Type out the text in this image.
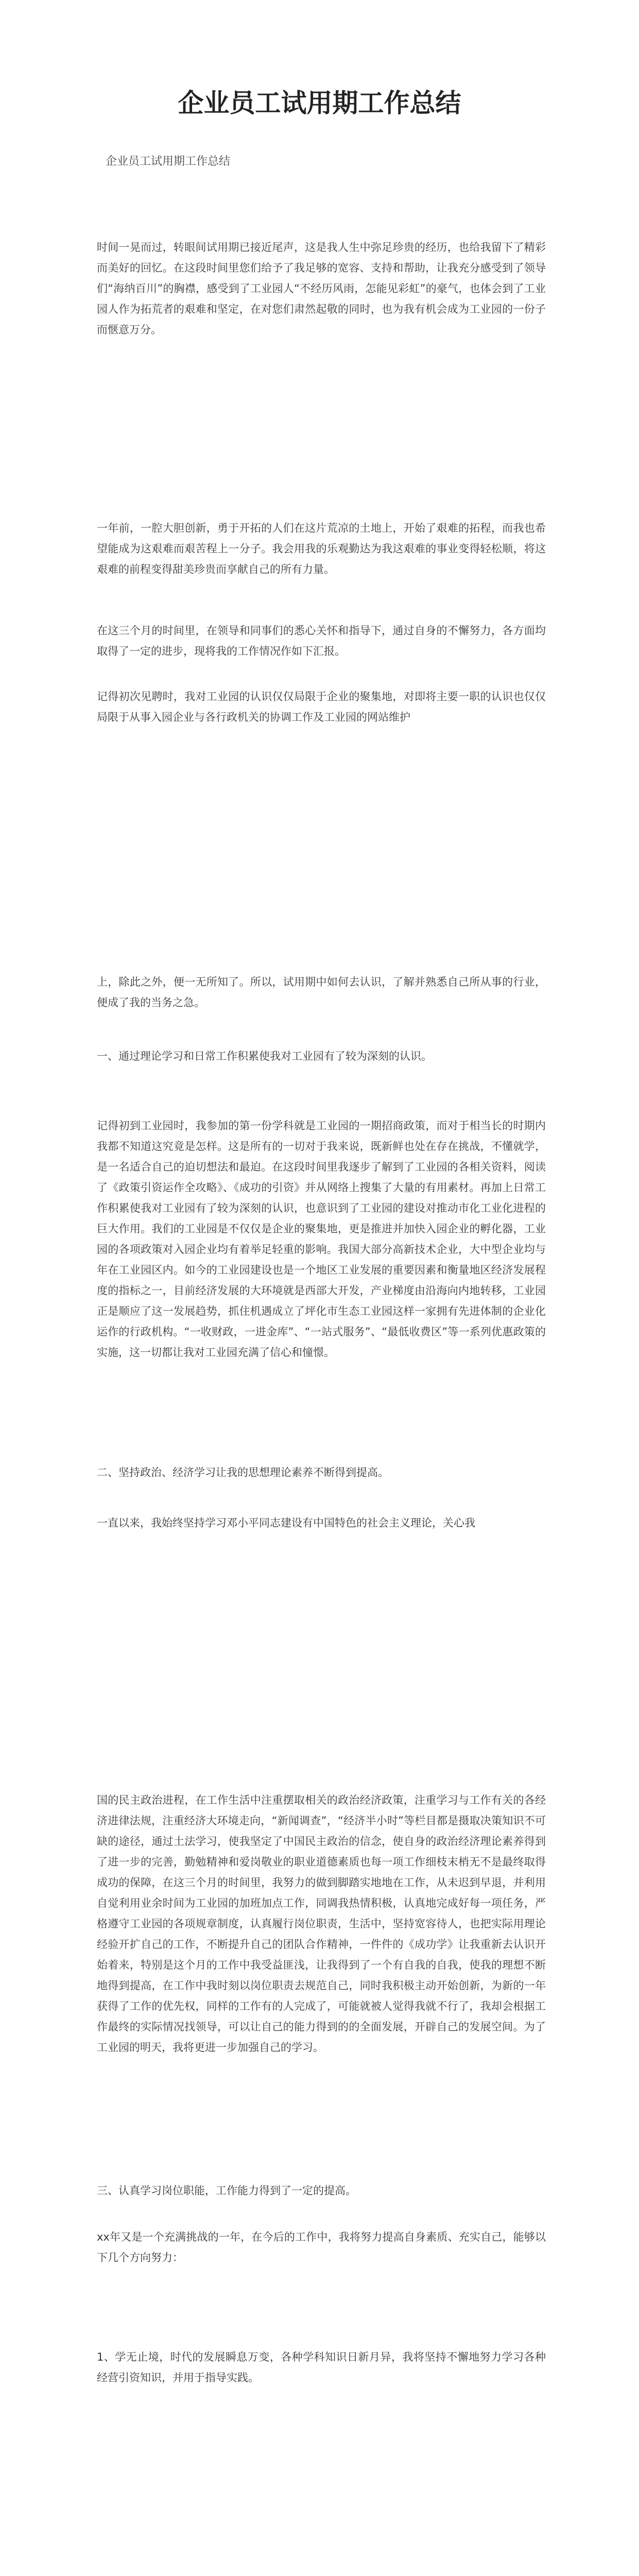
企业员工试用期工作总结

企业员工试用期工作总结

时间一晃而过，转眼间试用期已接近尾声，这是我人生中弥足珍贵的经历，也给我留下了精彩而美好的回忆。在这段时间里您们给予了我足够的宽容、支持和帮助，让我充分感受到了领导们“海纳百川”的胸襟，感受到了工业园人“不经历风雨，怎能见彩虹”的豪气，也体会到了工业园人作为拓荒者的艰难和坚定，在对您们肃然起敬的同时，也为我有机会成为工业园的一份子而惬意万分。

一年前，一腔大胆创新，勇于开拓的人们在这片荒凉的土地上，开始了艰难的拓程，而我也希望能成为这艰难而艰苦程上一分子。我会用我的乐观勤达为我这艰难的事业变得轻松顺，将这艰难的前程变得甜美珍贵而享献自己的所有力量。

在这三个月的时间里，在领导和同事们的悉心关怀和指导下，通过自身的不懈努力，各方面均取得了一定的进步，现将我的工作情况作如下汇报。

记得初次见聘时，我对工业园的认识仅仅局限于企业的聚集地，对即将主要一职的认识也仅仅局限于从事入园企业与各行政机关的协调工作及工业园的网站维护

上，除此之外，便一无所知了。所以，试用期中如何去认识，了解并熟悉自己所从事的行业，便成了我的当务之急。

一、通过理论学习和日常工作积累使我对工业园有了较为深刻的认识。

记得初到工业园时，我参加的第一份学科就是工业园的一期招商政策，而对于相当长的时期内我都不知道这究竟是怎样。这是所有的一切对于我来说，既新鲜也处在存在挑战，不懂就学，是一名适合自己的迫切想法和最迫。在这段时间里我逐步了解到了工业园的各相关资料，阅读了《政策引资运作全攻略》、《成功的引资》并从网络上搜集了大量的有用素材。再加上日常工作积累使我对工业园有了较为深刻的认识，也意识到了工业园的建设对推动市化工业化进程的巨大作用。我们的工业园是不仅仅是企业的聚集地，更是推进并加快入园企业的孵化器，工业园的各项政策对入园企业均有着举足轻重的影响。我国大部分高新技术企业，大中型企业均与年在工业园区内。如今的工业园建设也是一个地区工业发展的重要因素和衡量地区经济发展程度的指标之一，目前经济发展的大环境就是西部大开发，产业梯度由沿海向内地转移，工业园正是顺应了这一发展趋势，抓住机遇成立了坪化市生态工业园这样一家拥有先进体制的企业化运作的行政机构。“一收财政，一进金库”、“一站式服务”、“最低收费区”等一系列优惠政策的实施，这一切都让我对工业园充满了信心和憧憬。

二、坚持政治、经济学习让我的思想理论素养不断得到提高。

一直以来，我始终坚持学习邓小平同志建设有中国特色的社会主义理论，关心我

国的民主政治进程，在工作生活中注重摆取相关的政治经济政策，注重学习与工作有关的各经济进律法规，注重经济大环境走向，“新闻调查”，“经济半小时”等栏目都是摄取决策知识不可缺的途径，通过土法学习，使我坚定了中国民主政治的信念，使自身的政治经济理论素养得到了进一步的完善，勤勉精神和爱岗敬业的职业道德素质也每一项工作细枝末梢无不是最终取得成功的保障，在这三个月的时间里，我努力的做到脚踏实地地在工作，从未迟到早退，并利用自觉利用业余时间为工业园的加班加点工作，同调我热情积极，认真地完成好每一项任务，严格遵守工业园的各项规章制度，认真履行岗位职责，生活中，坚持宽容待人，也把实际用理论经验开扩自己的工作，不断提升自己的团队合作精神，一件件的《成功学》让我重新去认识开始着来，特别是这个月的工作中我受益匪浅，让我得到了一个有自我的自我，使我的理想不断地得到提高，在工作中我时刻以岗位职责去规范自己，同时我积极主动开始创新，为新的一年获得了工作的优先权，同样的工作有的人完成了，可能就被人觉得我就不行了，我却会根据工作最终的实际情况找领导，可以让自己的能力得到的的全面发展，开辟自己的发展空间。为了工业园的明天，我将更进一步加强自己的学习。

三、认真学习岗位职能，工作能力得到了一定的提高。

xx年又是一个充满挑战的一年，在今后的工作中，我将努力提高自身素质、充实自己，能够以下几个方向努力：

1、学无止境，时代的发展瞬息万变，各种学科知识日新月异，我将坚持不懈地努力学习各种经营引资知识，并用于指导实践。
